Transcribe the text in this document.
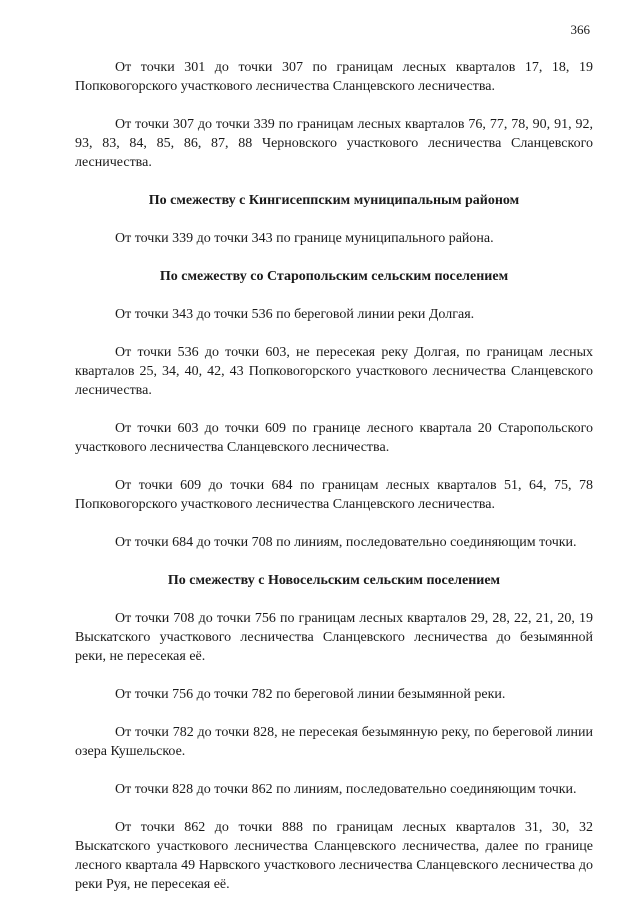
366

От точки 301 до точки 307 по границам лесных кварталов 17, 18, 19 Попковогорского участкового лесничества Сланцевского лесничества.

От точки 307 до точки 339 по границам лесных кварталов 76, 77, 78, 90, 91, 92, 93, 83, 84, 85, 86, 87, 88 Черновского участкового лесничества Сланцевского лесничества.

По смежеству с Кингисеппским муниципальным районом

От точки 339 до точки 343 по границе муниципального района.

По смежеству со Старопольским сельским поселением

От точки 343 до точки 536 по береговой линии реки Долгая.

От точки 536 до точки 603, не пересекая реку Долгая, по границам лесных кварталов 25, 34, 40, 42, 43 Попковогорского участкового лесничества Сланцевского лесничества.

От точки 603 до точки 609 по границе лесного квартала 20 Старопольского участкового лесничества Сланцевского лесничества.

От точки 609 до точки 684 по границам лесных кварталов 51, 64, 75, 78 Попковогорского участкового лесничества Сланцевского лесничества.

От точки 684 до точки 708 по линиям, последовательно соединяющим точки.

По смежеству с Новосельским сельским поселением

От точки 708 до точки 756 по границам лесных кварталов 29, 28, 22, 21, 20, 19 Выскатского участкового лесничества Сланцевского лесничества до безымянной реки, не пересекая её.

От точки 756 до точки 782 по береговой линии безымянной реки.

От точки 782 до точки 828, не пересекая безымянную реку, по береговой линии озера Кушельское.

От точки 828 до точки 862 по линиям, последовательно соединяющим точки.

От точки 862 до точки 888 по границам лесных кварталов 31, 30, 32 Выскатского участкового лесничества Сланцевского лесничества, далее по границе лесного квартала 49 Нарвского участкового лесничества Сланцевского лесничества до реки Руя, не пересекая её.
